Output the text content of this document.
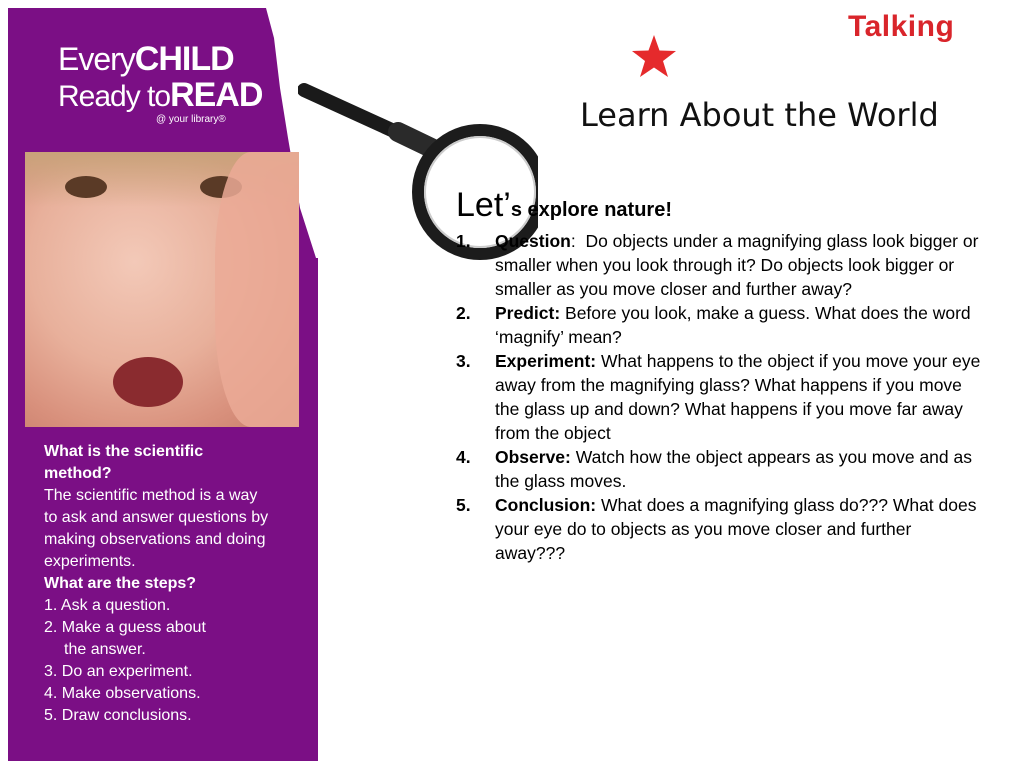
EveryCHILD
Ready toREAD
@ your library®
What is the scientific method?
The scientific method is a way to ask and answer questions by making observations and doing experiments.
What are the steps?
1. Ask a question.
2. Make a guess about
the answer.
3. Do an experiment.
4. Make observations.
5. Draw conclusions.
Talking
Learn About the World
Let’s explore nature!
1.	Question:  Do objects under a magnifying glass look bigger or smaller when you look through it? Do objects look bigger or smaller as you move closer and further away?
2.	Predict: Before you look, make a guess. What does the word ‘magnify’ mean?
3.	Experiment: What happens to the object if you move your eye away from the magnifying glass? What happens if you move the glass up and down? What happens if you move far away from the object
4.	Observe: Watch how the object appears as you move and as the glass moves.
5.	Conclusion: What does a magnifying glass do??? What does your eye do to objects as you move closer and further away???
